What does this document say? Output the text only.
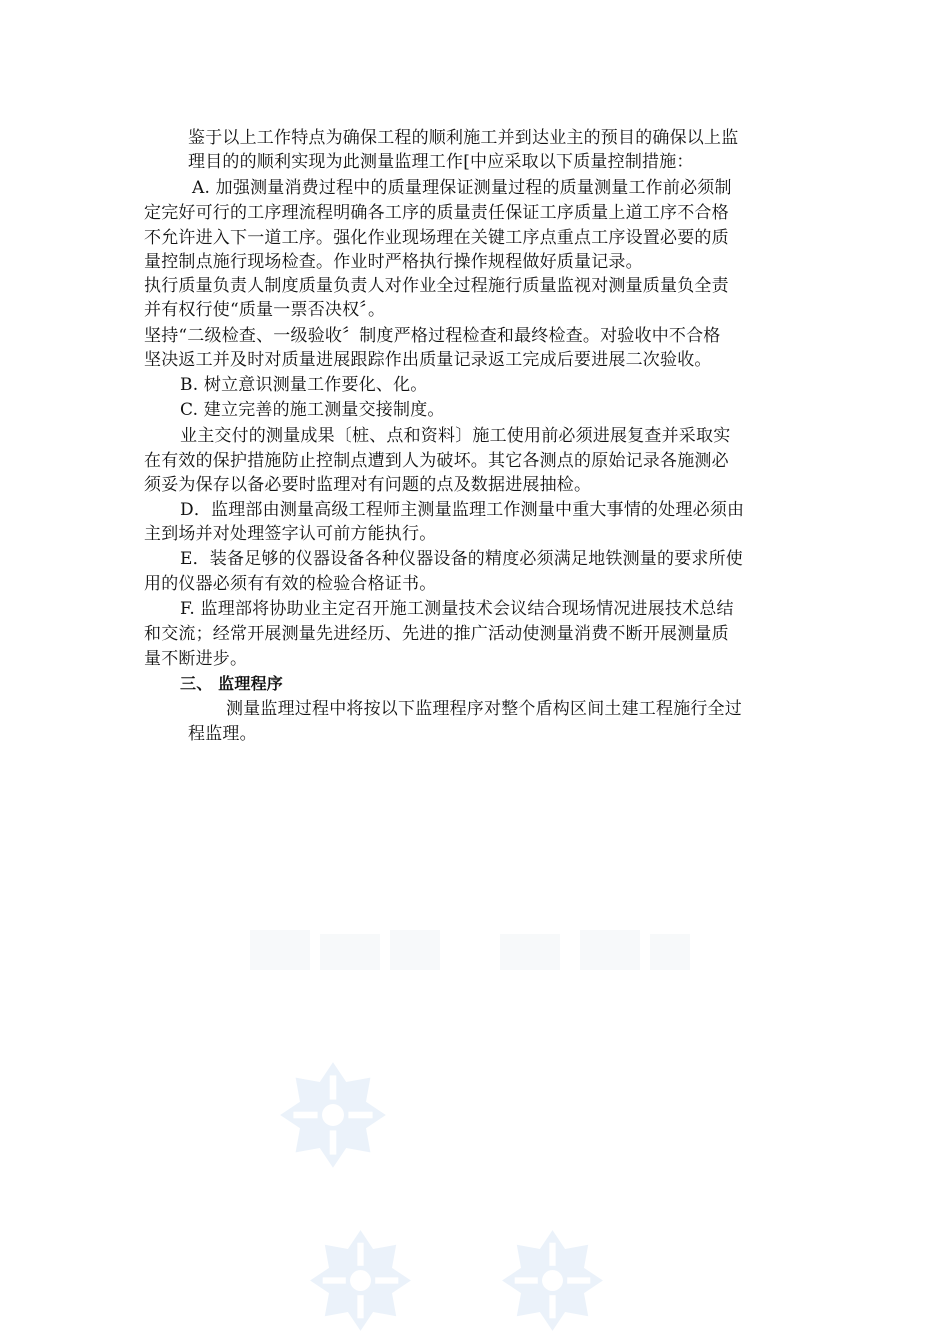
鉴于以上工作特点为确保工程的顺利施工并到达业主的预目的确保以上监
理目的的顺利实现为此测量监理工作[中应采取以下质量控制措施：
A. 加强测量消费过程中的质量理保证测量过程的质量测量工作前必须制
定完好可行的工序理流程明确各工序的质量责任保证工序质量上道工序不合格
不允许进入下一道工序。强化作业现场理在关键工序点重点工序设置必要的质
量控制点施行现场检查。作业时严格执行操作规程做好质量记录。
执行质量负责人制度质量负责人对作业全过程施行质量监视对测量质量负全责
并有权行使“质量一票否决权〞。
坚持“二级检查、一级验收〞制度严格过程检查和最终检查。对验收中不合格
坚决返工并及时对质量进展跟踪作出质量记录返工完成后要进展二次验收。
B. 树立意识测量工作要化、化。
C. 建立完善的施工测量交接制度。
业主交付的测量成果〔桩、点和资料〕施工使用前必须进展复查并采取实
在有效的保护措施防止控制点遭到人为破坏。其它各测点的原始记录各施测必
须妥为保存以备必要时监理对有问题的点及数据进展抽检。
D．监理部由测量高级工程师主测量监理工作测量中重大事情的处理必须由
主到场并对处理签字认可前方能执行。
E．装备足够的仪器设备各种仪器设备的精度必须满足地铁测量的要求所使
用的仪器必须有有效的检验合格证书。
F. 监理部将协助业主定召开施工测量技术会议结合现场情况进展技术总结
和交流；经常开展测量先进经历、先进的推广活动使测量消费不断开展测量质
量不断进步。
三、 监理程序
测量监理过程中将按以下监理程序对整个盾构区间土建工程施行全过
程监理。
